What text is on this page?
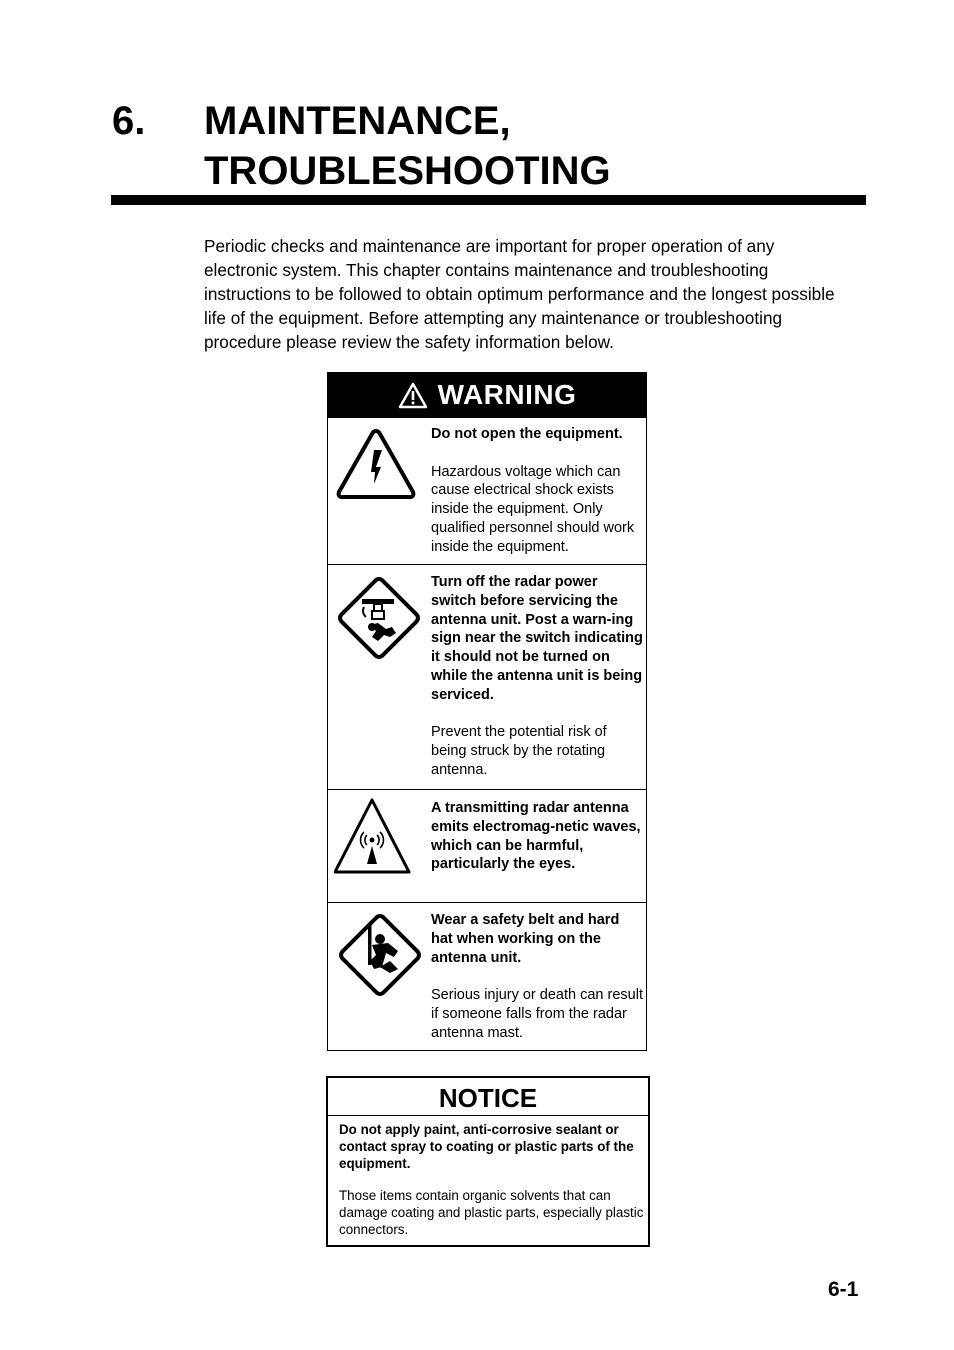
6. MAINTENANCE,
TROUBLESHOOTING

Periodic checks and maintenance are important for proper operation of any electronic system. This chapter contains maintenance and troubleshooting instructions to be followed to obtain optimum performance and the longest possible life of the equipment. Before attempting any maintenance or troubleshooting procedure please review the safety information below.

WARNING
Do not open the equipment.
Hazardous voltage which can cause electrical shock exists inside the equipment. Only qualified personnel should work inside the equipment.
Turn off the radar power switch before servicing the antenna unit. Post a warn-ing sign near the switch indicating it should not be turned on while the antenna unit is being serviced.
Prevent the potential risk of being struck by the rotating antenna.
A transmitting radar antenna emits electromag-netic waves, which can be harmful, particularly the eyes.
Wear a safety belt and hard hat when working on the antenna unit.
Serious injury or death can result if someone falls from the radar antenna mast.
NOTICE
Do not apply paint, anti-corrosive sealant or contact spray to coating or plastic parts of the equipment.
Those items contain organic solvents that can damage coating and plastic parts, especially plastic connectors.
6-1
